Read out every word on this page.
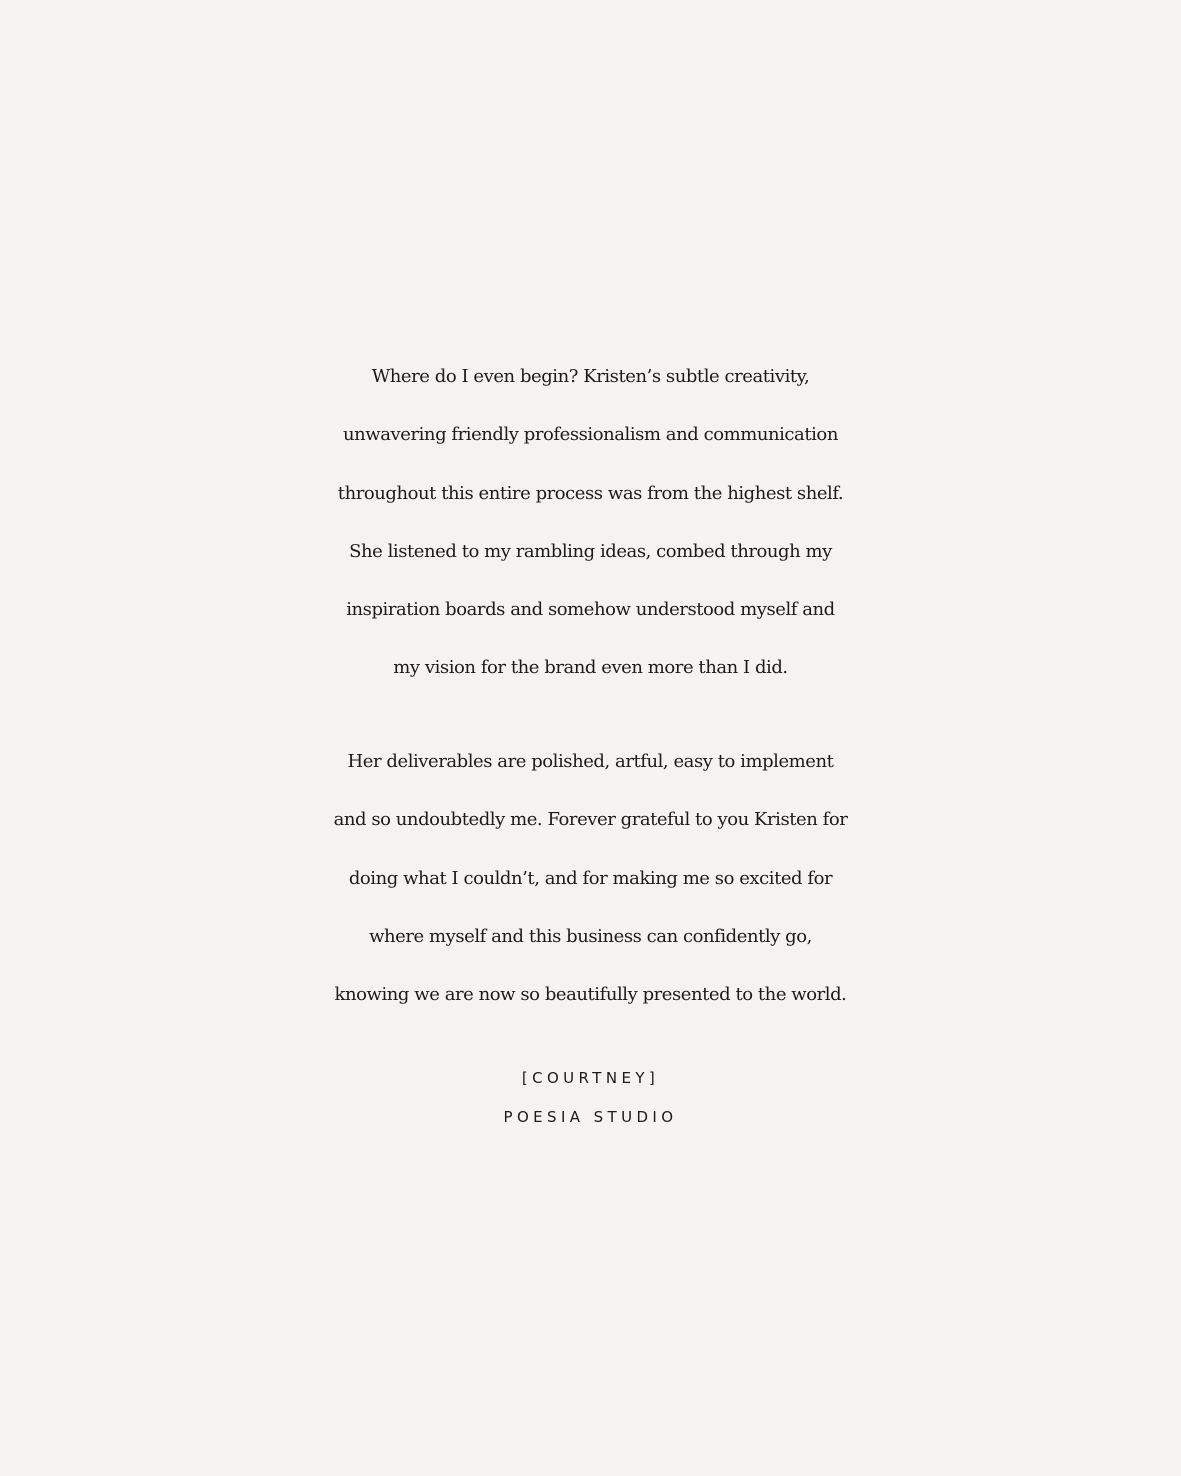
Where do I even begin? Kristen’s subtle creativity,
unwavering friendly professionalism and communication
throughout this entire process was from the highest shelf.
She listened to my rambling ideas, combed through my
inspiration boards and somehow understood myself and
my vision for the brand even more than I did.
Her deliverables are polished, artful, easy to implement
and so undoubtedly me. Forever grateful to you Kristen for
doing what I couldn’t, and for making me so excited for
where myself and this business can confidently go,
knowing we are now so beautifully presented to the world.
[COURTNEY]
POESIA STUDIO
